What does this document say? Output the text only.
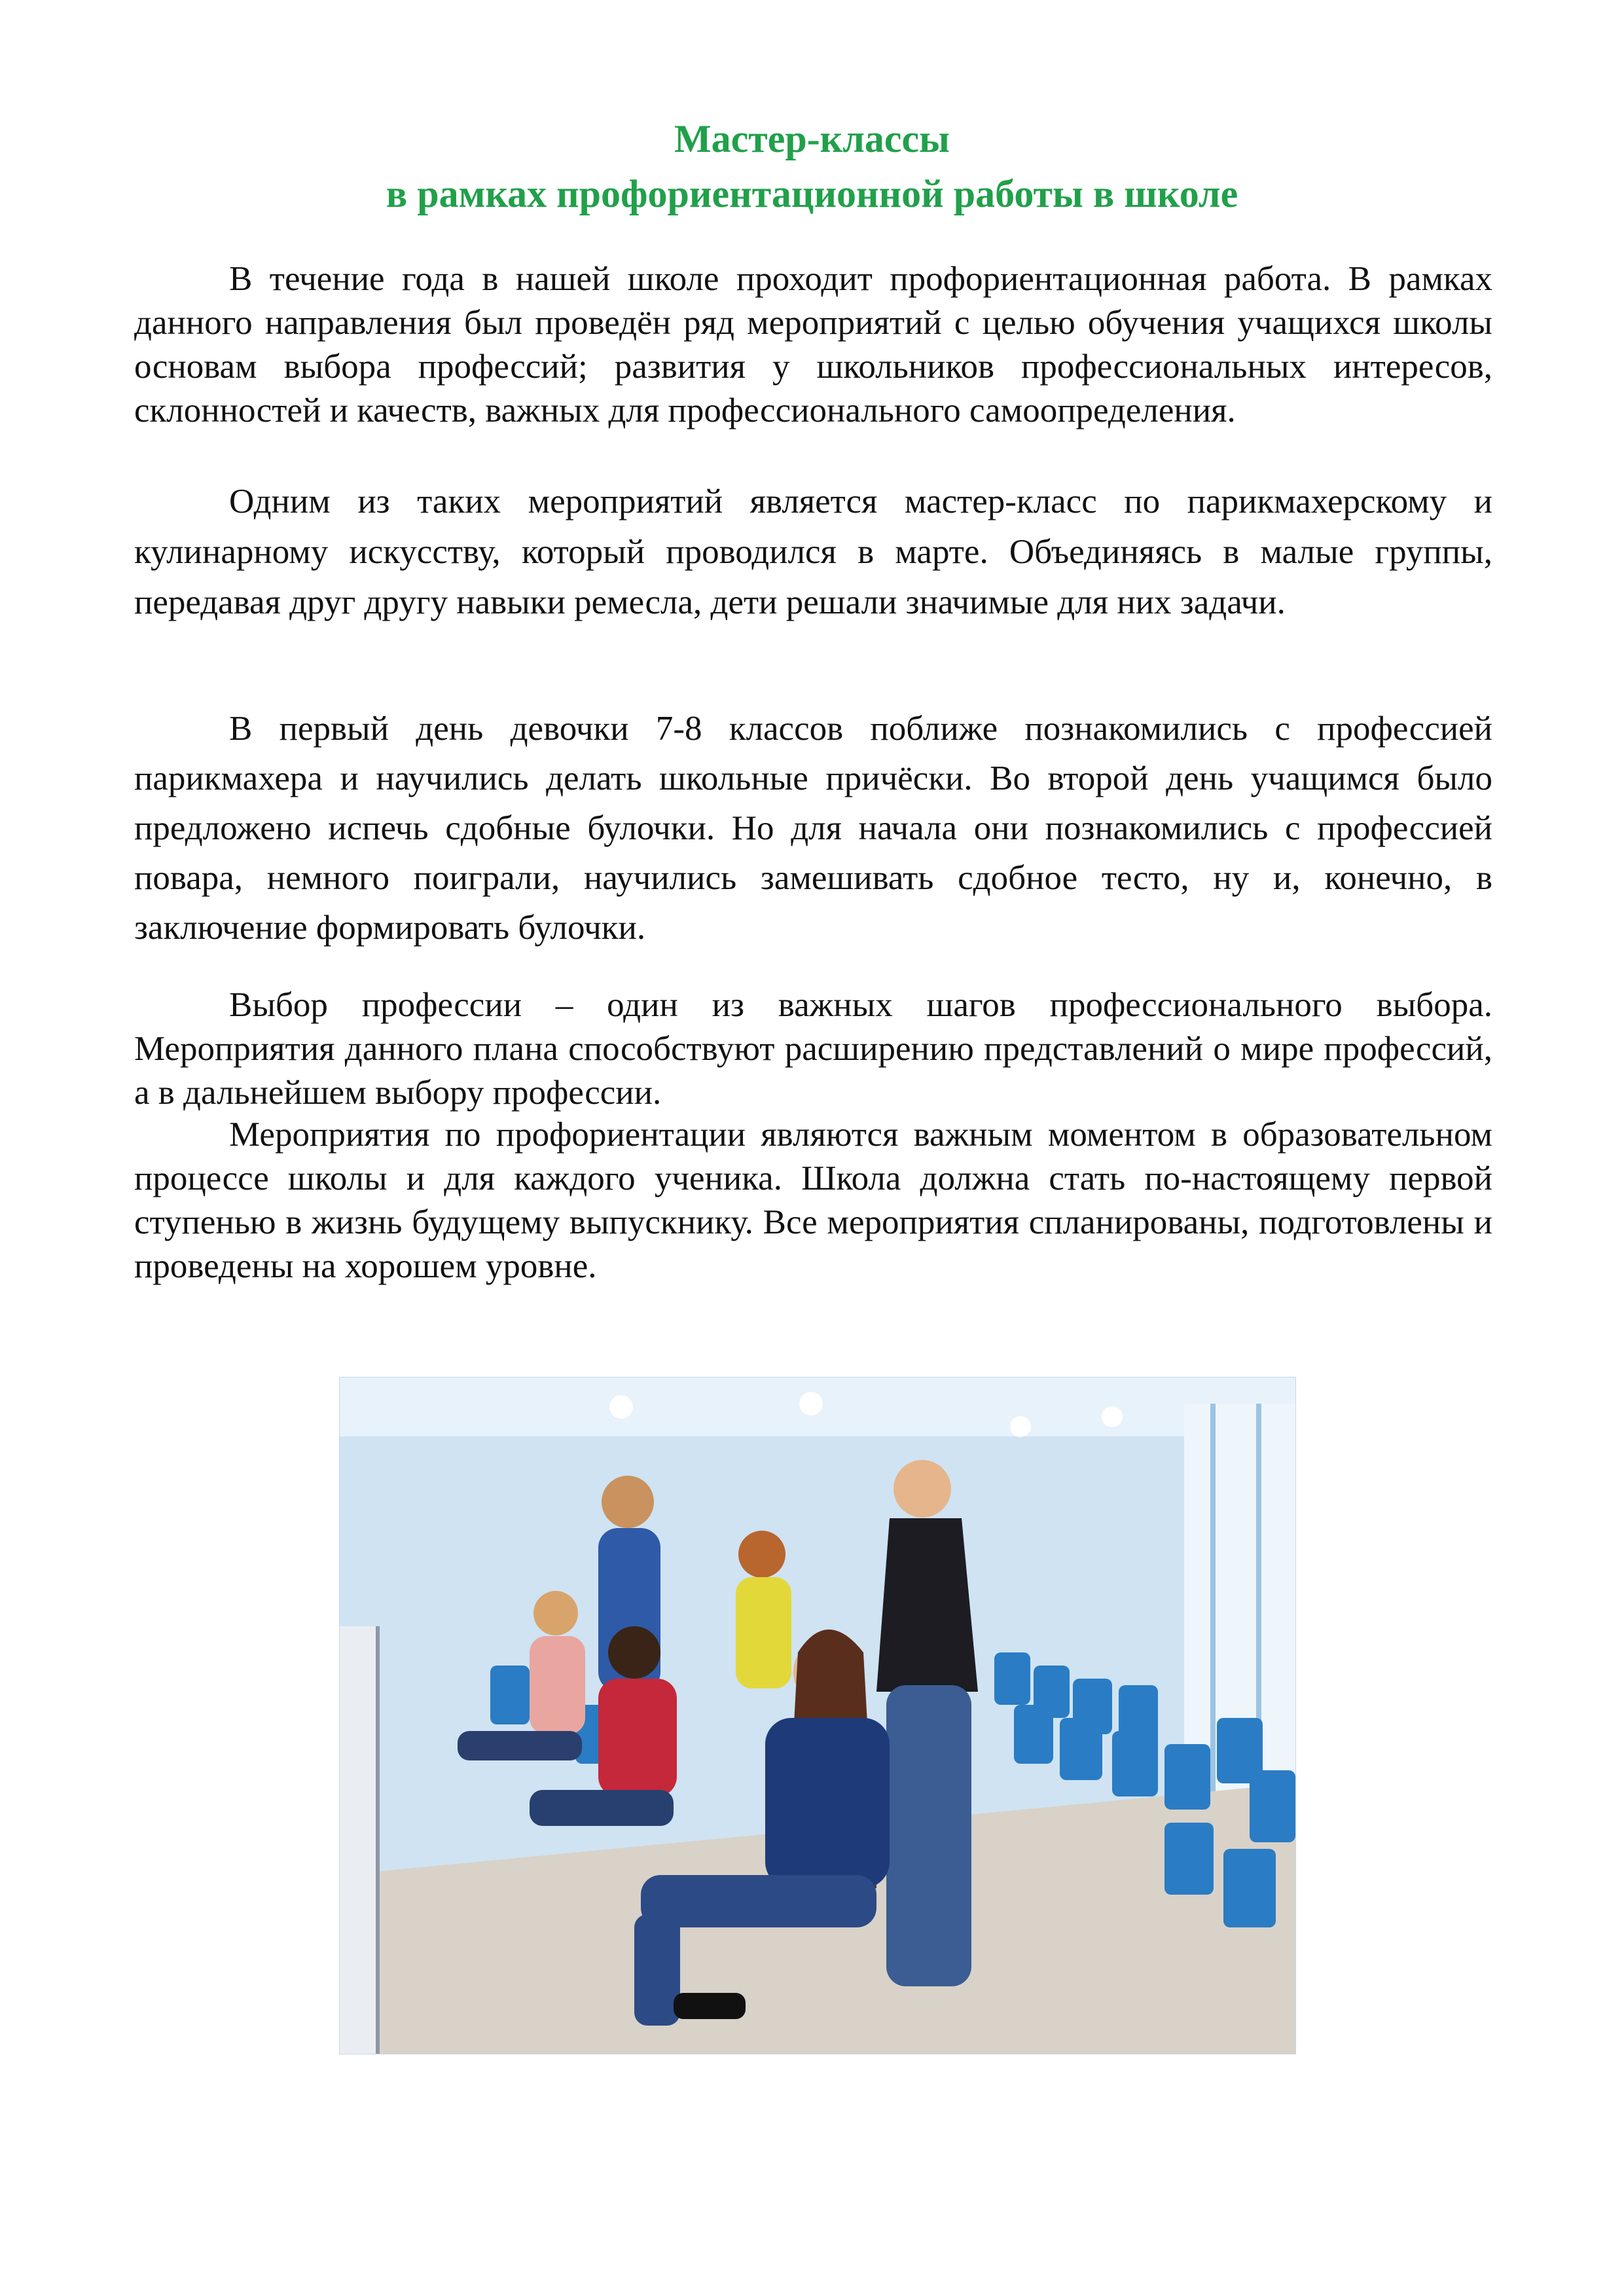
Мастер-классы
в рамках профориентационной работы в школе

В течение года в нашей школе проходит профориентационная работа. В рамках данного направления был проведён ряд мероприятий с целью обучения учащихся школы основам выбора профессий; развития у школьников профессиональных интересов, склонностей и качеств, важных для профессионального самоопределения.

Одним из таких мероприятий является мастер-класс по парикмахерскому и кулинарному искусству, который проводился в марте. Объединяясь в малые группы, передавая друг другу навыки ремесла, дети решали значимые для них задачи.

В первый день девочки 7-8 классов поближе познакомились с профессией парикмахера и научились делать школьные причёски. Во второй день учащимся было предложено испечь сдобные булочки. Но для начала они познакомились с профессией повара, немного поиграли, научились замешивать сдобное тесто, ну и, конечно, в заключение формировать булочки.

Выбор профессии – один из важных шагов профессионального выбора. Мероприятия данного плана способствуют расширению представлений о мире профессий, а в дальнейшем выбору профессии.

Мероприятия по профориентации являются важным моментом в образовательном процессе школы и для каждого ученика. Школа должна стать по-настоящему первой ступенью в жизнь будущему выпускнику. Все мероприятия спланированы, подготовлены и проведены на хорошем уровне.
